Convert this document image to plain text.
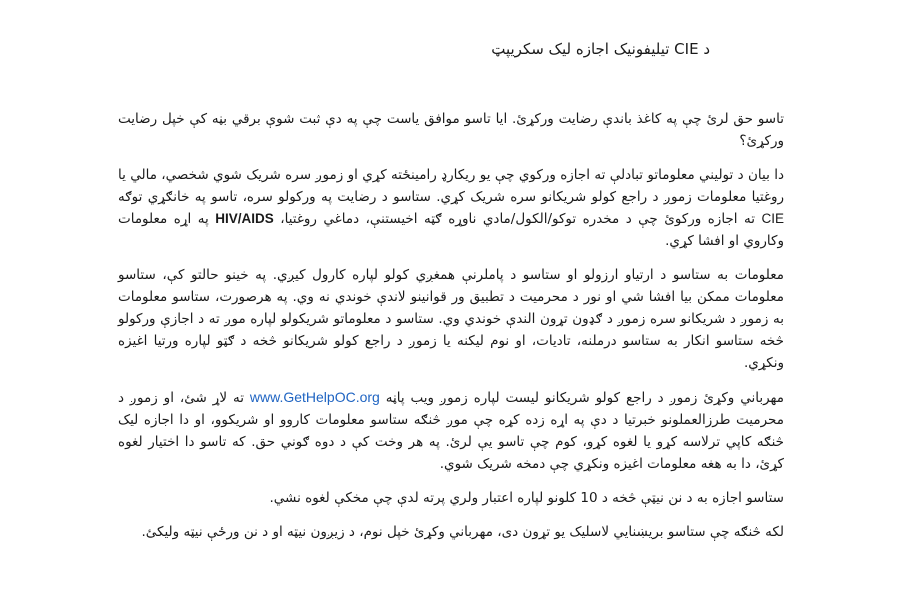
د CIE تيليفونيک اجازه ليک سکريپټ

تاسو حق لرئ چې په کاغذ باندې رضايت ورکړئ. ايا تاسو موافق ياست چې په دې ثبت شوې برقي بڼه کې خپل رضايت ورکړئ؟

دا بيان د توليني معلوماتو تبادلې ته اجازه ورکوي چې يو ريکارډ رامينځته کړي او زموږ سره شريک شوي شخصي، مالي يا روغتيا معلومات زموږ د راجع کولو شريکانو سره شريک کړي. ستاسو د رضايت په ورکولو سره، تاسو په خانګړي توګه CIE ته اجازه ورکوئ چې د مخدره توکو/الکول/مادي ناوړه ګټه اخيستنې، دماغي روغتيا، HIV/AIDS په اړه معلومات وکاروي او افشا کړي.

معلومات به ستاسو د ارتياو ارزولو او ستاسو د پاملرنې همغږي کولو لپاره کارول کيږي. په خينو حالتو کې، ستاسو معلومات ممکن بيا افشا شي او نور د محرميت د تطبيق ور قوانينو لاندې خوندي نه وي. په هرصورت، ستاسو معلومات به زموږ د شريکانو سره زموږ د ګډون تړون الندې خوندي وي. ستاسو د معلوماتو شريکولو لپاره موږ ته د اجازې ورکولو څخه ستاسو انکار به ستاسو درملنه، تاديات، او نوم ليکنه يا زموږ د راجع کولو شريکانو څخه د ګټو لپاره ورتيا اغيزه ونکړي.

مهرباني وکړئ زموږ د راجع کولو شريکانو ليست لپاره زموږ ويب پاڼه www.GetHelpOC.org ته لاړ شئ، او زموږ د محرميت طرزالعملونو خبرتيا د دې په اړه زده کړه چې موږ څنګه ستاسو معلومات کاروو او شريکوو، او دا اجازه ليک څنګه کاپي ترلاسه کړو يا لغوه کړو، کوم چې تاسو يې لرئ. په هر وخت کې د دوه ګوني حق. که تاسو دا اختيار لغوه کړئ، دا به هغه معلومات اغيزه ونکړي چې دمخه شريک شوي.

ستاسو اجازه به د نن نيټې څخه د 10 کلونو لپاره اعتبار ولري پرته لدې چې مخکې لغوه نشي.

لکه څنګه چې ستاسو بريښنايي لاسليک يو تړون دی، مهرباني وکړئ خپل نوم، د زيږون نيټه او د نن ورځې نيټه وليکئ.
